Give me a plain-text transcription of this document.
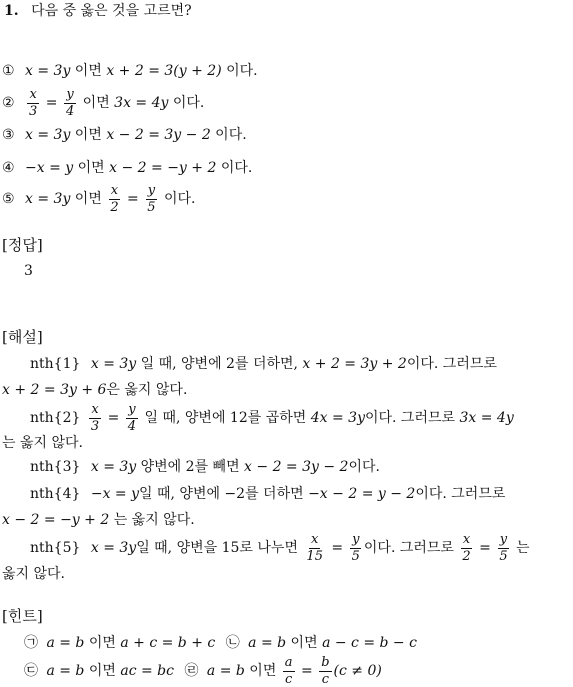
1. 다음 중 옳은 것을 고르면?
① x = 3y 이면 x + 2 = 3(y + 2) 이다.
② $\frac{x}{3} = \frac{y}{4}$ 이면 3x = 4y 이다.
③ x = 3y 이면 x − 2 = 3y − 2 이다.
④ −x = y 이면 x − 2 = −y + 2 이다.
⑤ x = 3y 이면 $\frac{x}{2} = \frac{y}{5}$ 이다.
[정답]
3
[해설]
nth{1} x = 3y 일 때, 양변에 2를 더하면, x + 2 = 3y + 2이다. 그러므로
x + 2 = 3y + 6은 옳지 않다.
$nth\{2\} \frac{x}{3} = \frac{y}{4}$ 일 때, 양변에 12를 곱하면 4x = 3y이다. 그러므로 3x = 4y
는 옳지 않다.
nth{3} x = 3y 양변에 2를 빼면 x − 2 = 3y − 2이다.
nth{4} −x = y일 때, 양변에 −2를 더하면 −x − 2 = y − 2이다. 그러므로
x − 2 = −y + 2 는 옳지 않다.
nth{5} x = 3y일 때, 양변을 15로 나누면 $\frac{x}{15} = \frac{y}{5}$ 이다. 그러므로 $\frac{x}{2} = \frac{y}{5}$ 는
옳지 않다.
[힌트]
㉠ a = b 이면 a + c = b + c ㉡ a = b 이면 a − c = b − c
㉢ a = b 이면 ac = bc ㉣ a = b 이면 $\frac{a}{c} = \frac{b}{c} (c \ne 0)$
